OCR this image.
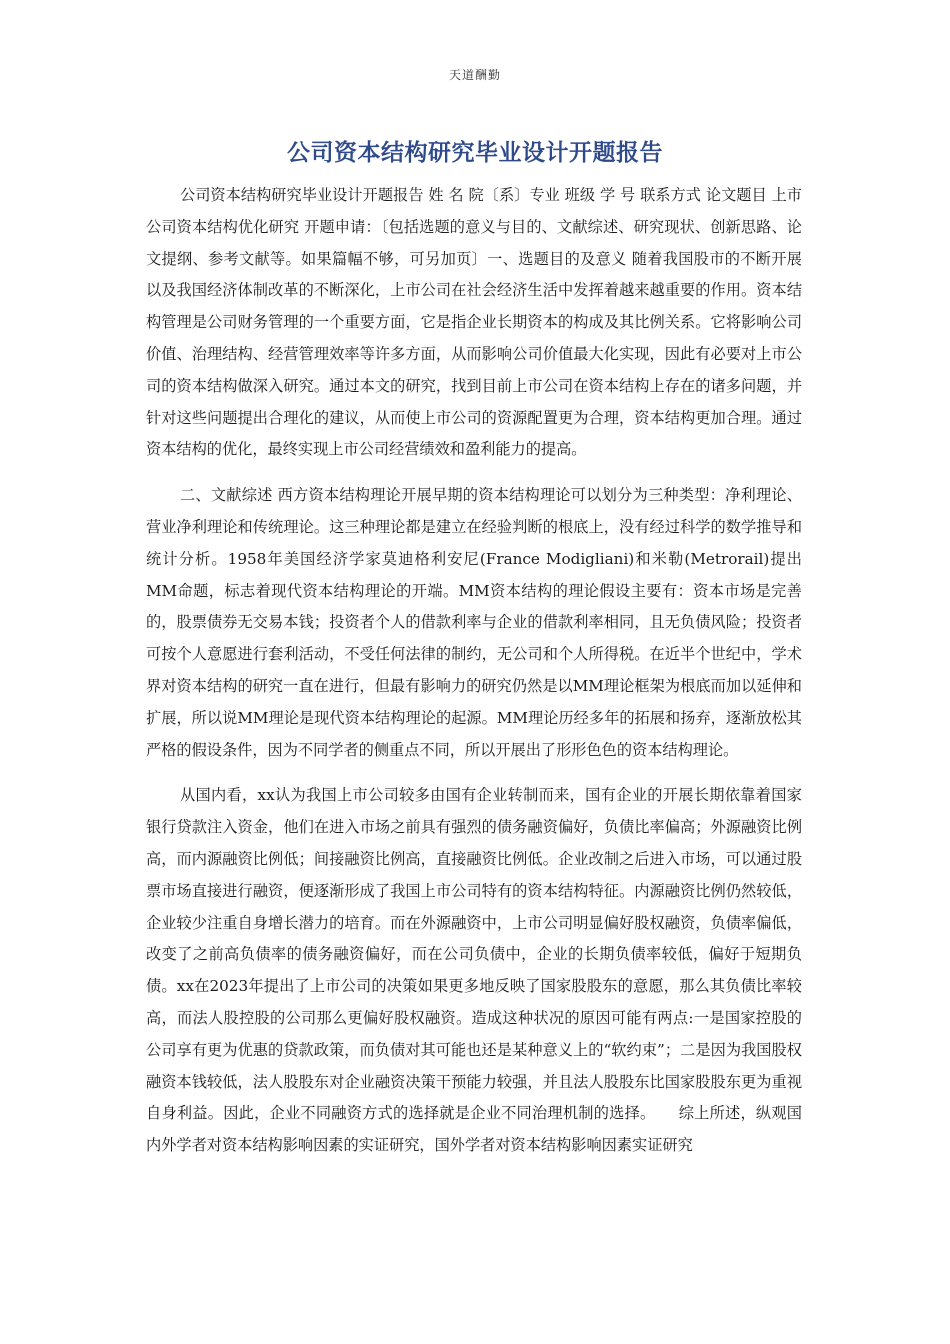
天道酬勤
公司资本结构研究毕业设计开题报告

公司资本结构研究毕业设计开题报告 姓 名 院〔系〕专业 班级 学 号 联系方式 论文题目 上市公司资本结构优化研究 开题申请：〔包括选题的意义与目的、文献综述、研究现状、创新思路、论文提纲、参考文献等。如果篇幅不够，可另加页〕一、选题目的及意义 随着我国股市的不断开展以及我国经济体制改革的不断深化，上市公司在社会经济生活中发挥着越来越重要的作用。资本结构管理是公司财务管理的一个重要方面，它是指企业长期资本的构成及其比例关系。它将影响公司价值、治理结构、经营管理效率等许多方面，从而影响公司价值最大化实现，因此有必要对上市公司的资本结构做深入研究。通过本文的研究，找到目前上市公司在资本结构上存在的诸多问题，并针对这些问题提出合理化的建议，从而使上市公司的资源配置更为合理，资本结构更加合理。通过资本结构的优化，最终实现上市公司经营绩效和盈利能力的提高。

二、文献综述 西方资本结构理论开展早期的资本结构理论可以划分为三种类型：净利理论、营业净利理论和传统理论。这三种理论都是建立在经验判断的根底上，没有经过科学的数学推导和统计分析。1958年美国经济学家莫迪格利安尼(France Modigliani)和米勒(Metrorail)提出MM命题，标志着现代资本结构理论的开端。MM资本结构的理论假设主要有：资本市场是完善的，股票债券无交易本钱；投资者个人的借款利率与企业的借款利率相同，且无负债风险；投资者可按个人意愿进行套利活动，不受任何法律的制约，无公司和个人所得税。在近半个世纪中，学术界对资本结构的研究一直在进行，但最有影响力的研究仍然是以MM理论框架为根底而加以延伸和扩展，所以说MM理论是现代资本结构理论的起源。MM理论历经多年的拓展和扬弃，逐渐放松其严格的假设条件，因为不同学者的侧重点不同，所以开展出了形形色色的资本结构理论。

从国内看，xx认为我国上市公司较多由国有企业转制而来，国有企业的开展长期依靠着国家银行贷款注入资金，他们在进入市场之前具有强烈的债务融资偏好，负债比率偏高；外源融资比例高，而内源融资比例低；间接融资比例高，直接融资比例低。企业改制之后进入市场，可以通过股票市场直接进行融资，便逐渐形成了我国上市公司特有的资本结构特征。内源融资比例仍然较低，企业较少注重自身增长潜力的培育。而在外源融资中，上市公司明显偏好股权融资，负债率偏低，改变了之前高负债率的债务融资偏好，而在公司负债中，企业的长期负债率较低，偏好于短期负债。xx在2023年提出了上市公司的决策如果更多地反映了国家股股东的意愿，那么其负债比率较高，而法人股控股的公司那么更偏好股权融资。造成这种状况的原因可能有两点:一是国家控股的公司享有更为优惠的贷款政策，而负债对其可能也还是某种意义上的“软约束”；二是因为我国股权融资本钱较低，法人股股东对企业融资决策干预能力较强，并且法人股股东比国家股股东更为重视自身利益。因此，企业不同融资方式的选择就是企业不同治理机制的选择。　　综上所述，纵观国内外学者对资本结构影响因素的实证研究，国外学者对资本结构影响因素实证研究
